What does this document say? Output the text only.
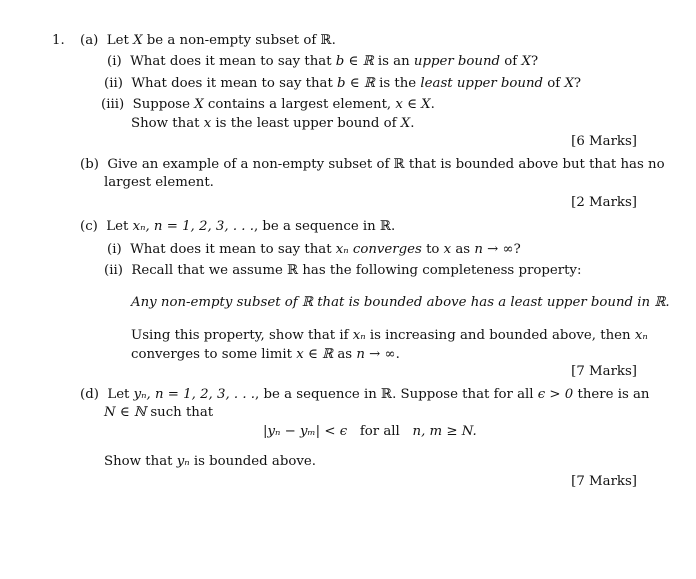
1. (a) Let X be a non-empty subset of ℝ.
(i) What does it mean to say that b ∈ ℝ is an upper bound of X?
(ii) What does it mean to say that b ∈ ℝ is the least upper bound of X?
(iii) Suppose X contains a largest element, x ∈ X.
Show that x is the least upper bound of X.
[6 Marks]
(b) Give an example of a non-empty subset of ℝ that is bounded above but that has no
largest element.
[2 Marks]
(c) Let xₙ, n = 1, 2, 3, . . ., be a sequence in ℝ.
(i) What does it mean to say that xₙ converges to x as n → ∞?
(ii) Recall that we assume ℝ has the following completeness property:
Any non-empty subset of ℝ that is bounded above has a least upper bound in ℝ.
Using this property, show that if xₙ is increasing and bounded above, then xₙ
converges to some limit x ∈ ℝ as n → ∞.
[7 Marks]
(d) Let yₙ, n = 1, 2, 3, . . ., be a sequence in ℝ. Suppose that for all ϵ > 0 there is an
N ∈ ℕ such that
|yₙ − yₘ| < ϵ for all n, m ≥ N.
Show that yₙ is bounded above.
[7 Marks]
